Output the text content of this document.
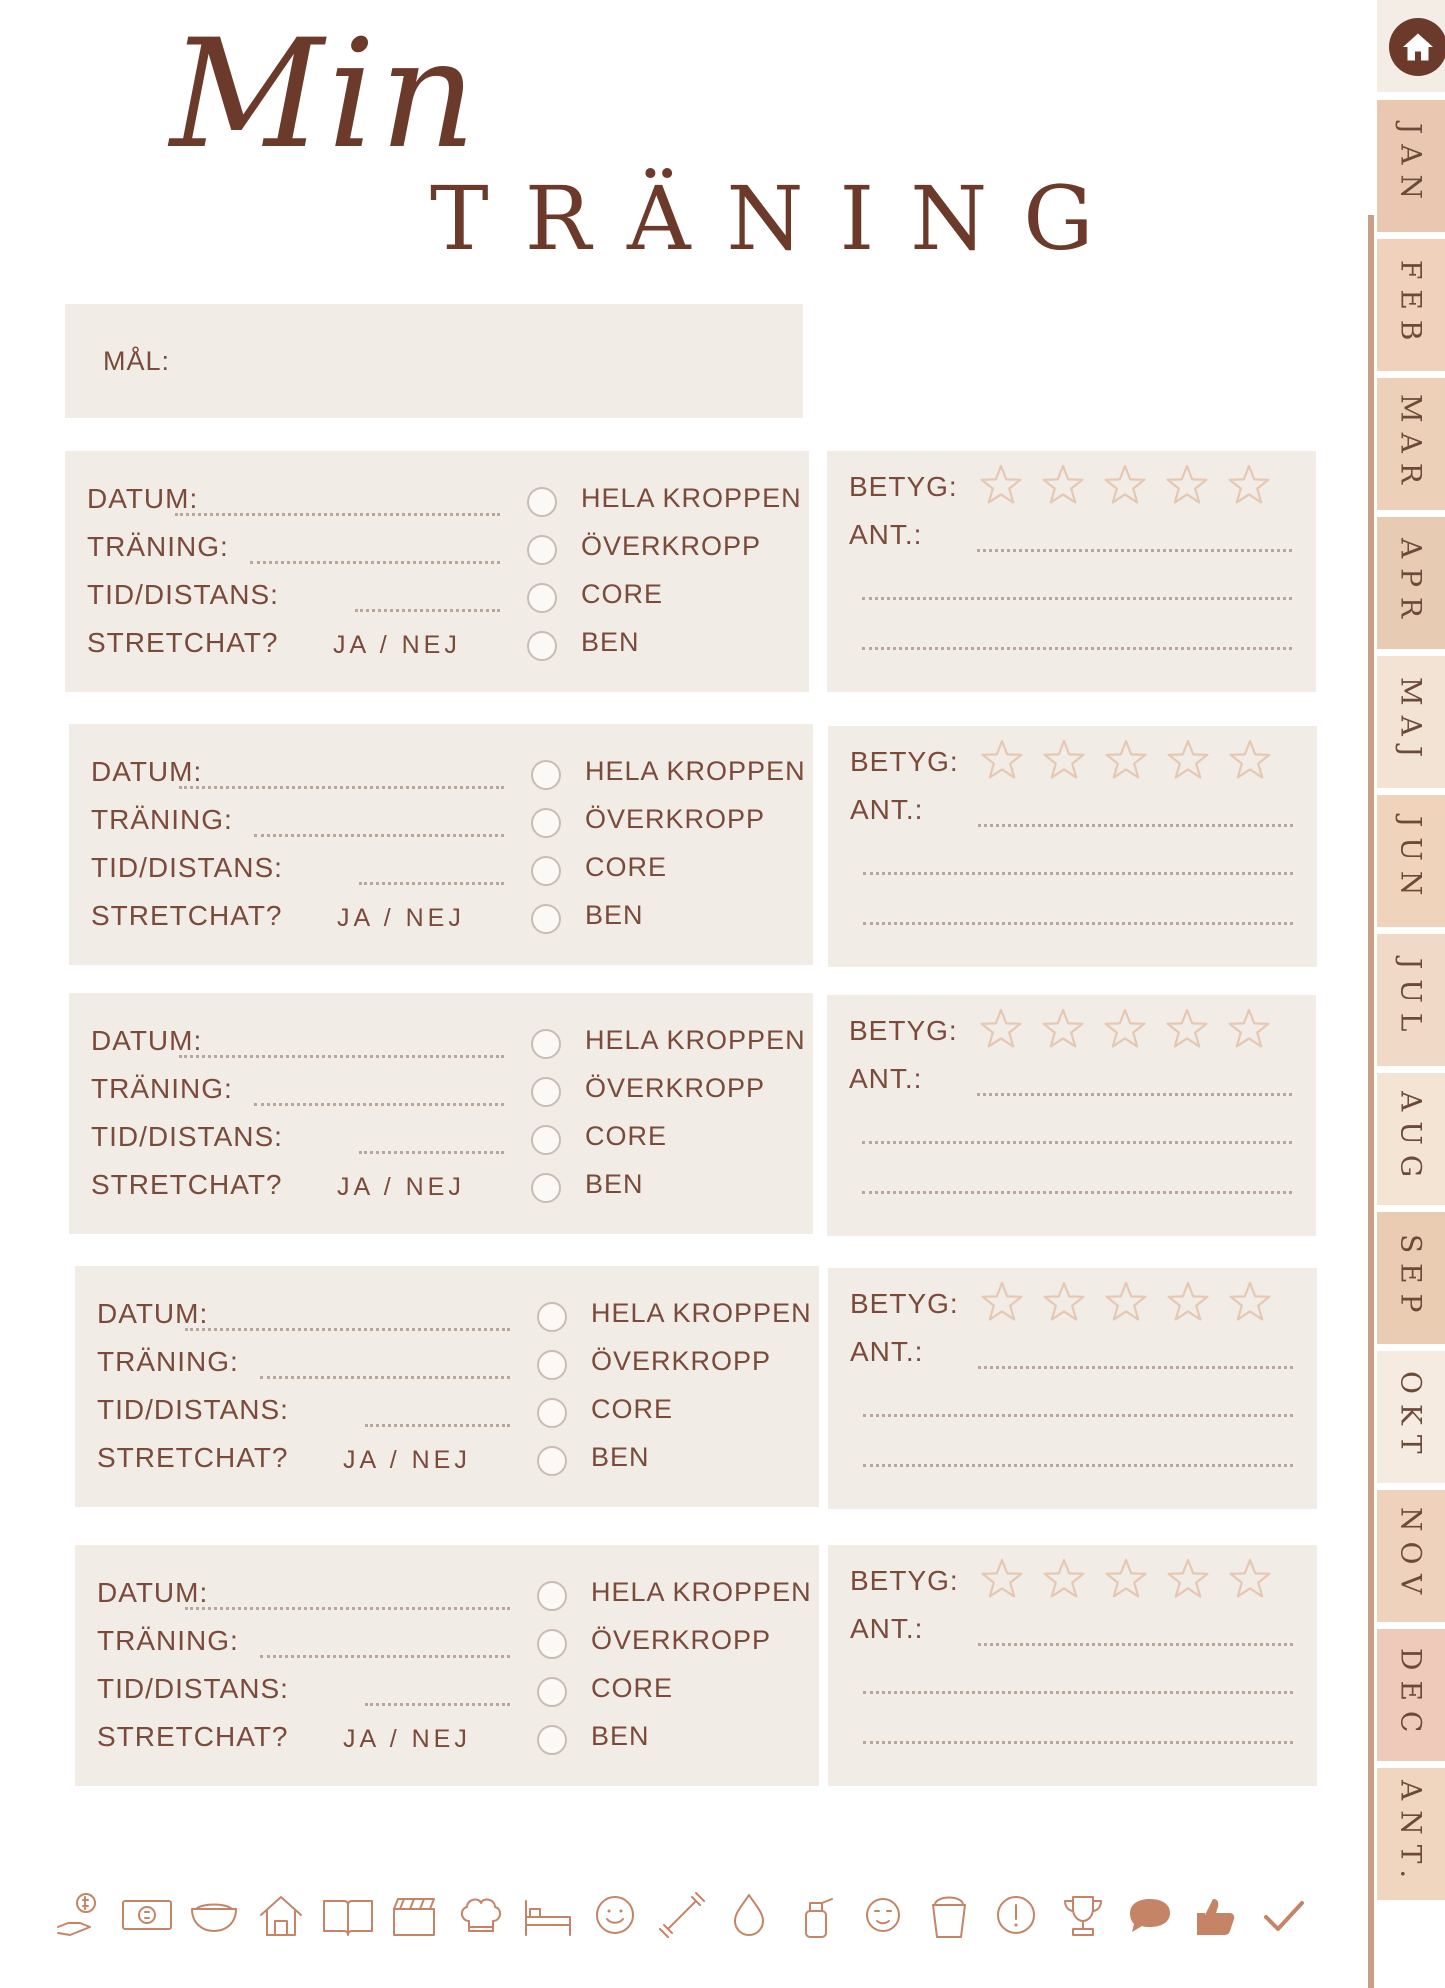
Min
TRÄNING
MÅL:
DATUM:
TRÄNING:
TID/DISTANS:
STRETCHAT? JA / NEJ
HELA KROPPEN
ÖVERKROPP
CORE
BEN
BETYG:
ANT.:
DATUM:
TRÄNING:
TID/DISTANS:
STRETCHAT? JA / NEJ
HELA KROPPEN
ÖVERKROPP
CORE
BEN
BETYG:
ANT.:
DATUM:
TRÄNING:
TID/DISTANS:
STRETCHAT? JA / NEJ
HELA KROPPEN
ÖVERKROPP
CORE
BEN
BETYG:
ANT.:
DATUM:
TRÄNING:
TID/DISTANS:
STRETCHAT? JA / NEJ
HELA KROPPEN
ÖVERKROPP
CORE
BEN
BETYG:
ANT.:
DATUM:
TRÄNING:
TID/DISTANS:
STRETCHAT? JA / NEJ
HELA KROPPEN
ÖVERKROPP
CORE
BEN
BETYG:
ANT.:
JAN
FEB
MAR
APR
MAJ
JUN
JUL
AUG
SEP
OKT
NOV
DEC
ANT.
